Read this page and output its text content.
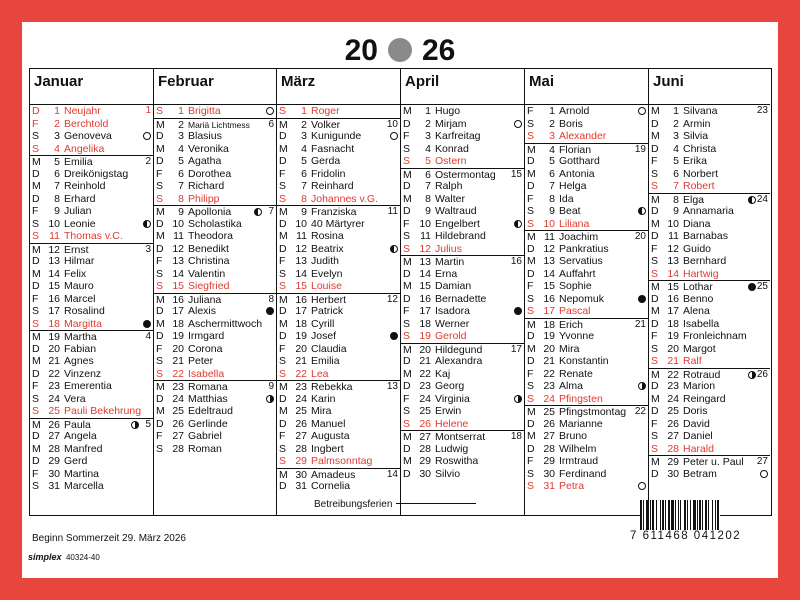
20 26
Januar
D	1 Neujahr	1
F	2 Berchtold
S	3 Genoveva
S	4 Angelika
M	5 Emilia	2
D	6 Dreikönigstag
M	7 Reinhold
D	8 Erhard
F	9 Julian
S 10 Leonie
S 11 Thomas v.C.
M 12 Ernst	3
D 13 Hilmar
M 14 Felix
D 15 Mauro
F 16 Marcel
S 17 Rosalind
S 18 Margitta
M 19 Martha	4
D 20 Fabian
M 21 Agnes
D 22 Vinzenz
F 23 Emerentia
S 24 Vera
S 25 Pauli Bekehrung
M 26 Paula	5
D 27 Angela
M 28 Manfred
D 29 Gerd
F 30 Martina
S 31 Marcella
Februar
S	1 Brigitta
M	2 Mariä Lichtmess	6
D	3 Blasius
M	4 Veronika
D	5 Agatha
F	6 Dorothea
S	7 Richard
S	8 Philipp
M	9 Apollonia	7
D 10 Scholastika
M 11 Theodora
D 12 Benedikt
F 13 Christina
S 14 Valentin
S 15 Siegfried
M 16 Juliana	8
D 17 Alexis
M 18 Aschermittwoch
D 19 Irmgard
F 20 Corona
S 21 Peter
S 22 Isabella
M 23 Romana	9
D 24 Matthias
M 25 Edeltraud
D 26 Gerlinde
F 27 Gabriel
S 28 Roman
März
S	1 Roger
M	2 Volker	10
D	3 Kunigunde
M	4 Fasnacht
D	5 Gerda
F	6 Fridolin
S	7 Reinhard
S	8 Johannes v.G.
M	9 Franziska	11
D 10 40 Märtyrer
M 11 Rosina
D 12 Beatrix
F 13 Judith
S 14 Evelyn
S 15 Louise
M 16 Herbert	12
D 17 Patrick
M 18 Cyrill
D 19 Josef
F 20 Claudia
S 21 Emilia
S 22 Lea
M 23 Rebekka	13
D 24 Karin
M 25 Mira
D 26 Manuel
F 27 Augusta
S 28 Ingbert
S 29 Palmsonntag
M 30 Amadeus	14
D 31 Cornelia
April
M	1 Hugo
D	2 Mirjam
F	3 Karfreitag
S	4 Konrad
S	5 Ostern
M	6 Ostermontag	15
D	7 Ralph
M	8 Walter
D	9 Waltraud
F 10 Engelbert
S 11 Hildebrand
S 12 Julius
M 13 Martin	16
D 14 Erna
M 15 Damian
D 16 Bernadette
F 17 Isadora
S 18 Werner
S 19 Gerold
M 20 Hildegund	17
D 21 Alexandra
M 22 Kaj
D 23 Georg
F 24 Virginia
S 25 Erwin
S 26 Helene
M 27 Montserrat	18
D 28 Ludwig
M 29 Roswitha
D 30 Silvio
Mai
F	1 Arnold
S	2 Boris
S	3 Alexander
M	4 Florian	19
D	5 Gotthard
M	6 Antonia
D	7 Helga
F	8 Ida
S	9 Beat
S 10 Liliana
M 11 Joachim	20
D 12 Pankratius
M 13 Servatius
D 14 Auffahrt
F 15 Sophie
S 16 Nepomuk
S 17 Pascal
M 18 Erich	21
D 19 Yvonne
M 20 Mira
D 21 Konstantin
F 22 Renate
S 23 Alma
S 24 Pfingsten
M 25 Pfingstmontag 22
D 26 Marianne
M 27 Bruno
D 28 Wilhelm
F 29 Irmtraud
S 30 Ferdinand
S 31 Petra
Juni
M	1 Silvana	23
D	2 Armin
M	3 Silvia
D	4 Christa
F	5 Erika
S	6 Norbert
S	7 Robert
M	8 Elga	24
D	9 Annamaria
M 10 Diana
D 11 Barnabas
F 12 Guido
S 13 Bernhard
S 14 Hartwig
M 15 Lothar	25
D 16 Benno
M 17 Alena
D 18 Isabella
F 19 Fronleichnam
S 20 Margot
S 21 Ralf
M 22 Rotraud	26
D 23 Marion
M 24 Reingard
D 25 Doris
F 26 David
S 27 Daniel
S 28 Harald
M 29 Peter u. Paul	27
D 30 Betram
Betreibungsferien
Beginn Sommerzeit 29. März 2026
simplex 40324-40
7 611468 041202
